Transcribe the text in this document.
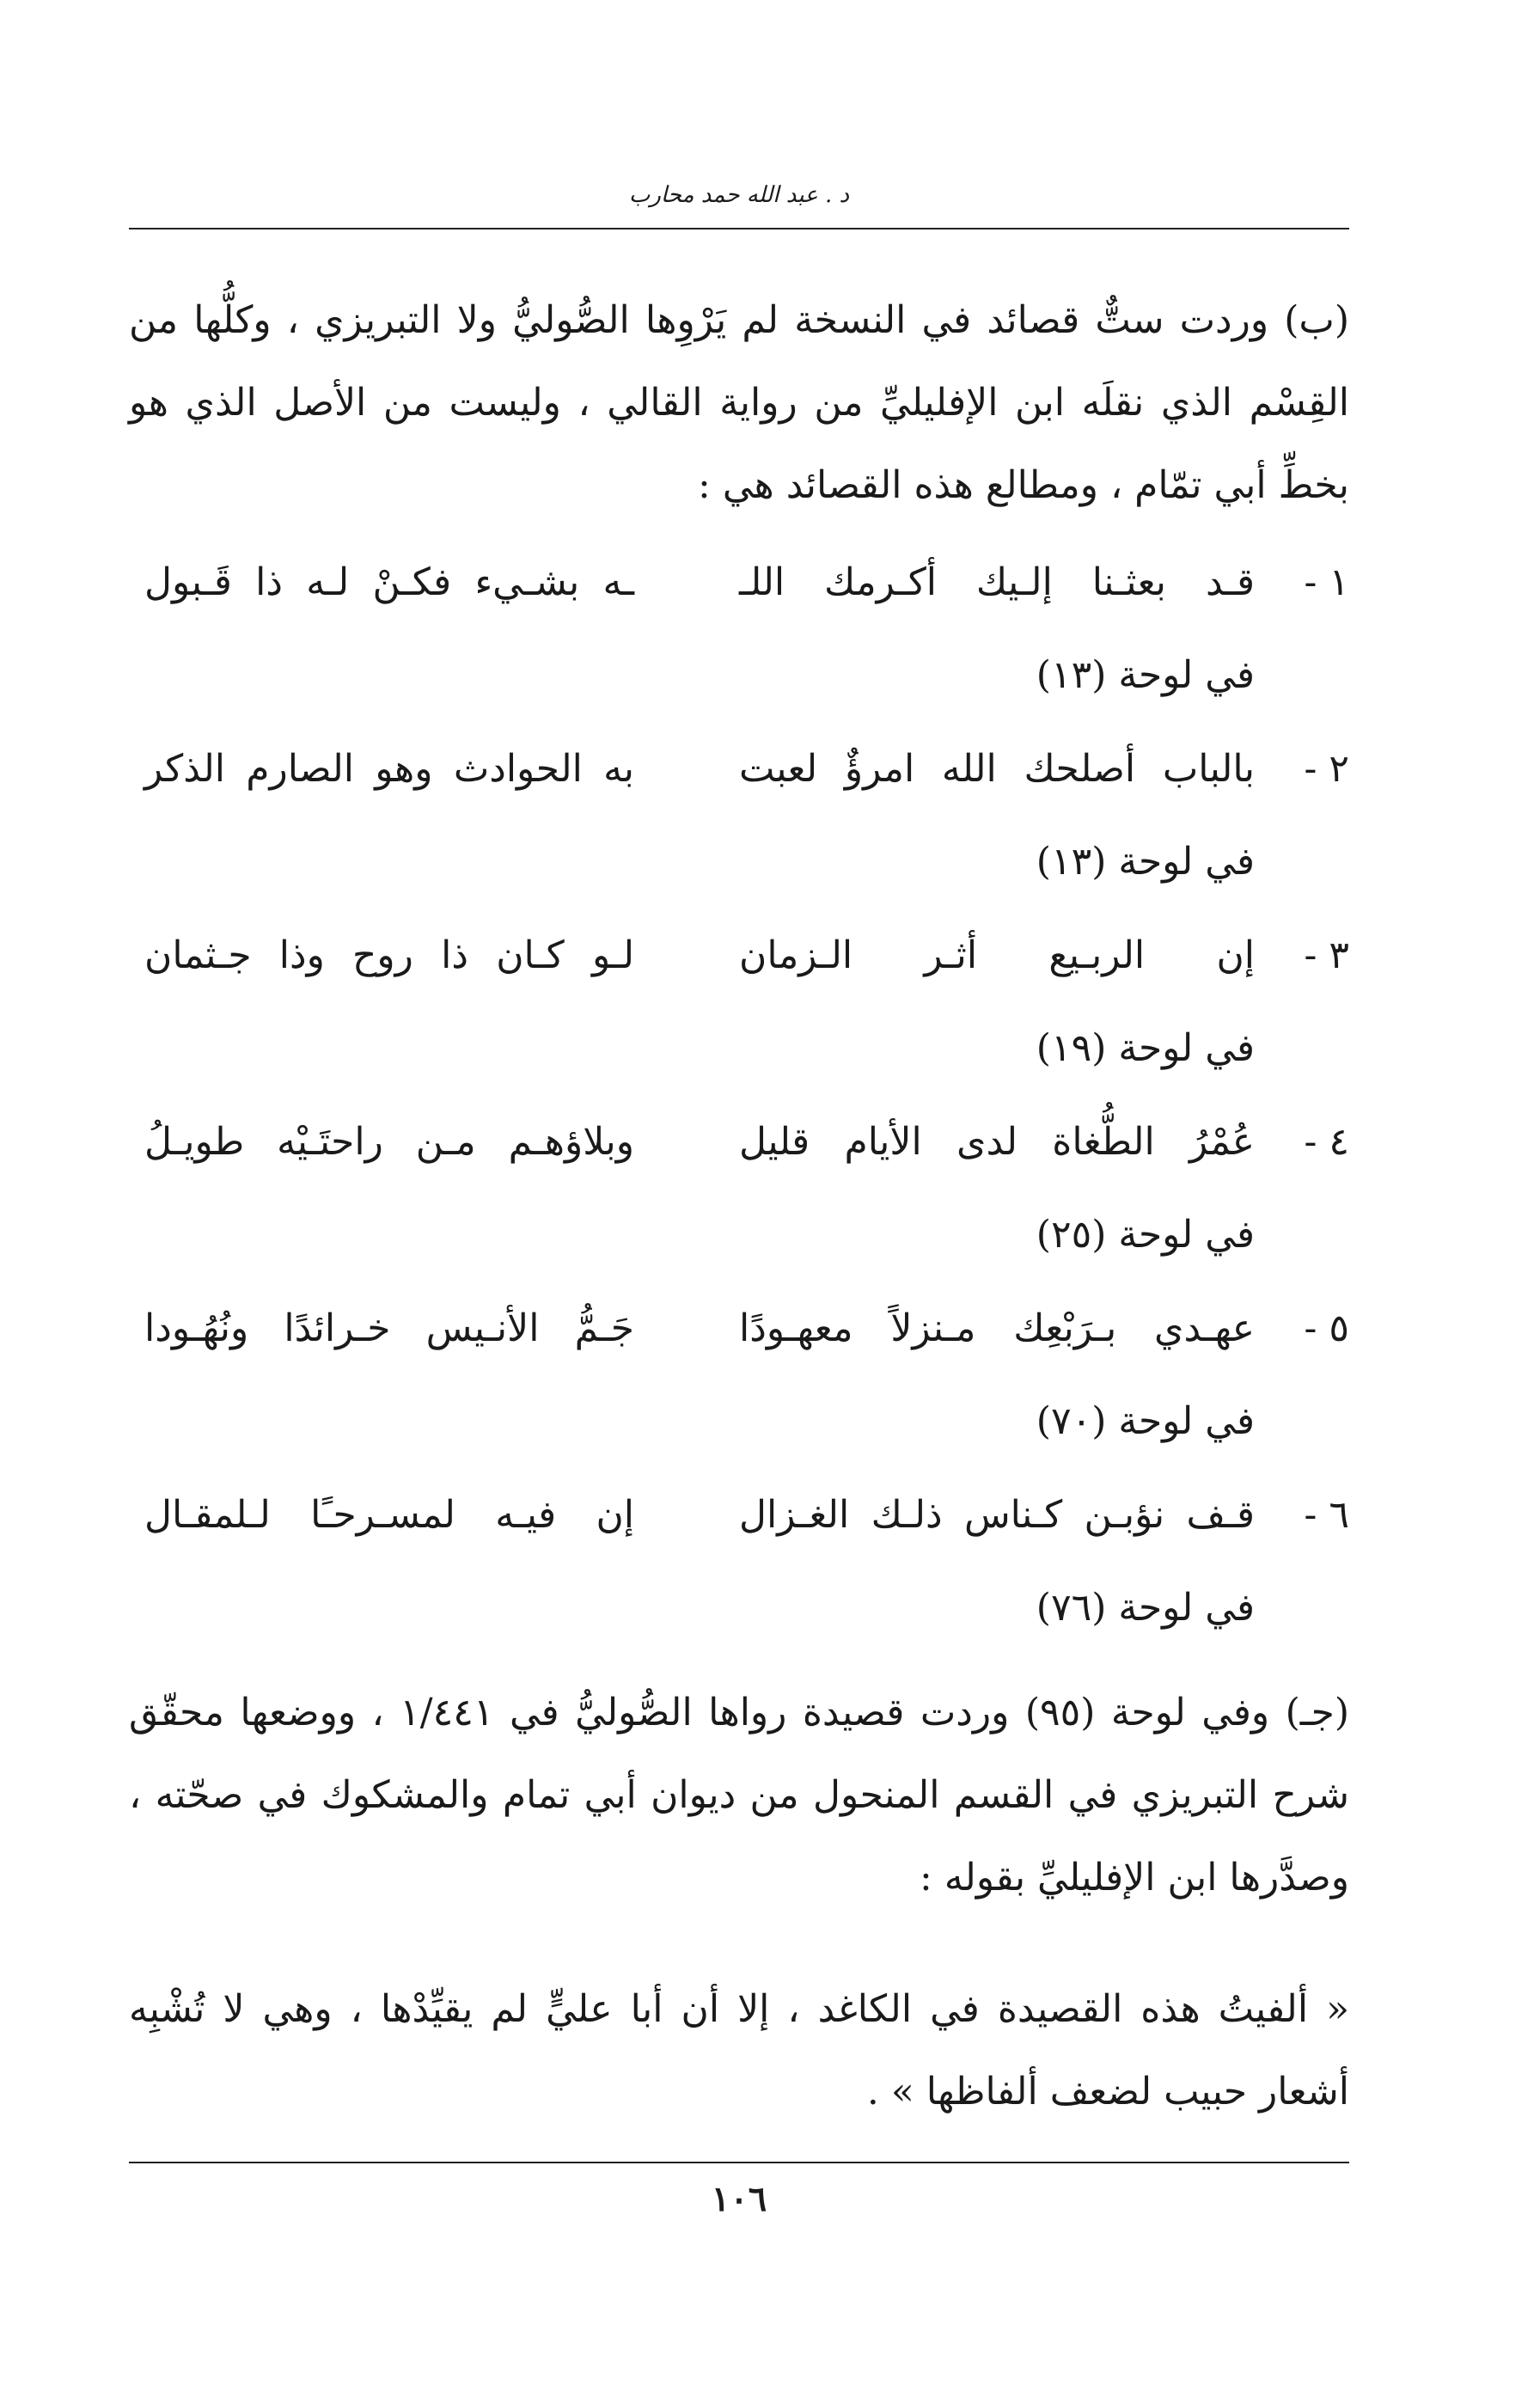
د . عبد الله حمد محارب
(ب) وردت ستٌّ قصائد في النسخة لم يَرْوِها الصُّوليُّ ولا التبريزي ، وكلُّها من القِسْم الذي نقلَه ابن الإفليليِّ من رواية القالي ، وليست من الأصل الذي هو بخطِّ أبي تمّام ، ومطالع هذه القصائد هي :
١ -
قـد بعثـنا إلـيك أكـرمك اللـ
ـه بشـيء فكـنْ لـه ذا قَـبول
في لوحة (١٣)
٢ -
بالباب أصلحك الله امرؤٌ لعبت
به الحوادث وهو الصارم الذكر
في لوحة (١٣)
٣ -
إن الربـيع أثـر الـزمان
لـو كـان ذا روح وذا جـثمان
في لوحة (١٩)
٤ -
عُمْرُ الطُّغاة لدى الأيام قليل
وبلاؤهـم مـن راحتَـيْه طويـلُ
في لوحة (٢٥)
٥ -
عهـدي بـرَبْعِك مـنزلاً معهـودًا
جَـمُّ الأنـيس خـرائدًا ونُهُـودا
في لوحة (٧٠)
٦ -
قـف نؤبـن كـناس ذلـك الغـزال
إن فيـه لمسـرحـًا لـلمقـال
في لوحة (٧٦)
(جـ) وفي لوحة (٩٥) وردت قصيدة رواها الصُّوليُّ في ١/٤٤١ ، ووضعها محقّق شرح التبريزي في القسم المنحول من ديوان أبي تمام والمشكوك في صحّته ، وصدَّرها ابن الإفليليِّ بقوله :
« ألفيتُ هذه القصيدة في الكاغد ، إلا أن أبا عليٍّ لم يقيِّدْها ، وهي لا تُشْبِه أشعار حبيب لضعف ألفاظها » .
١٠٦
